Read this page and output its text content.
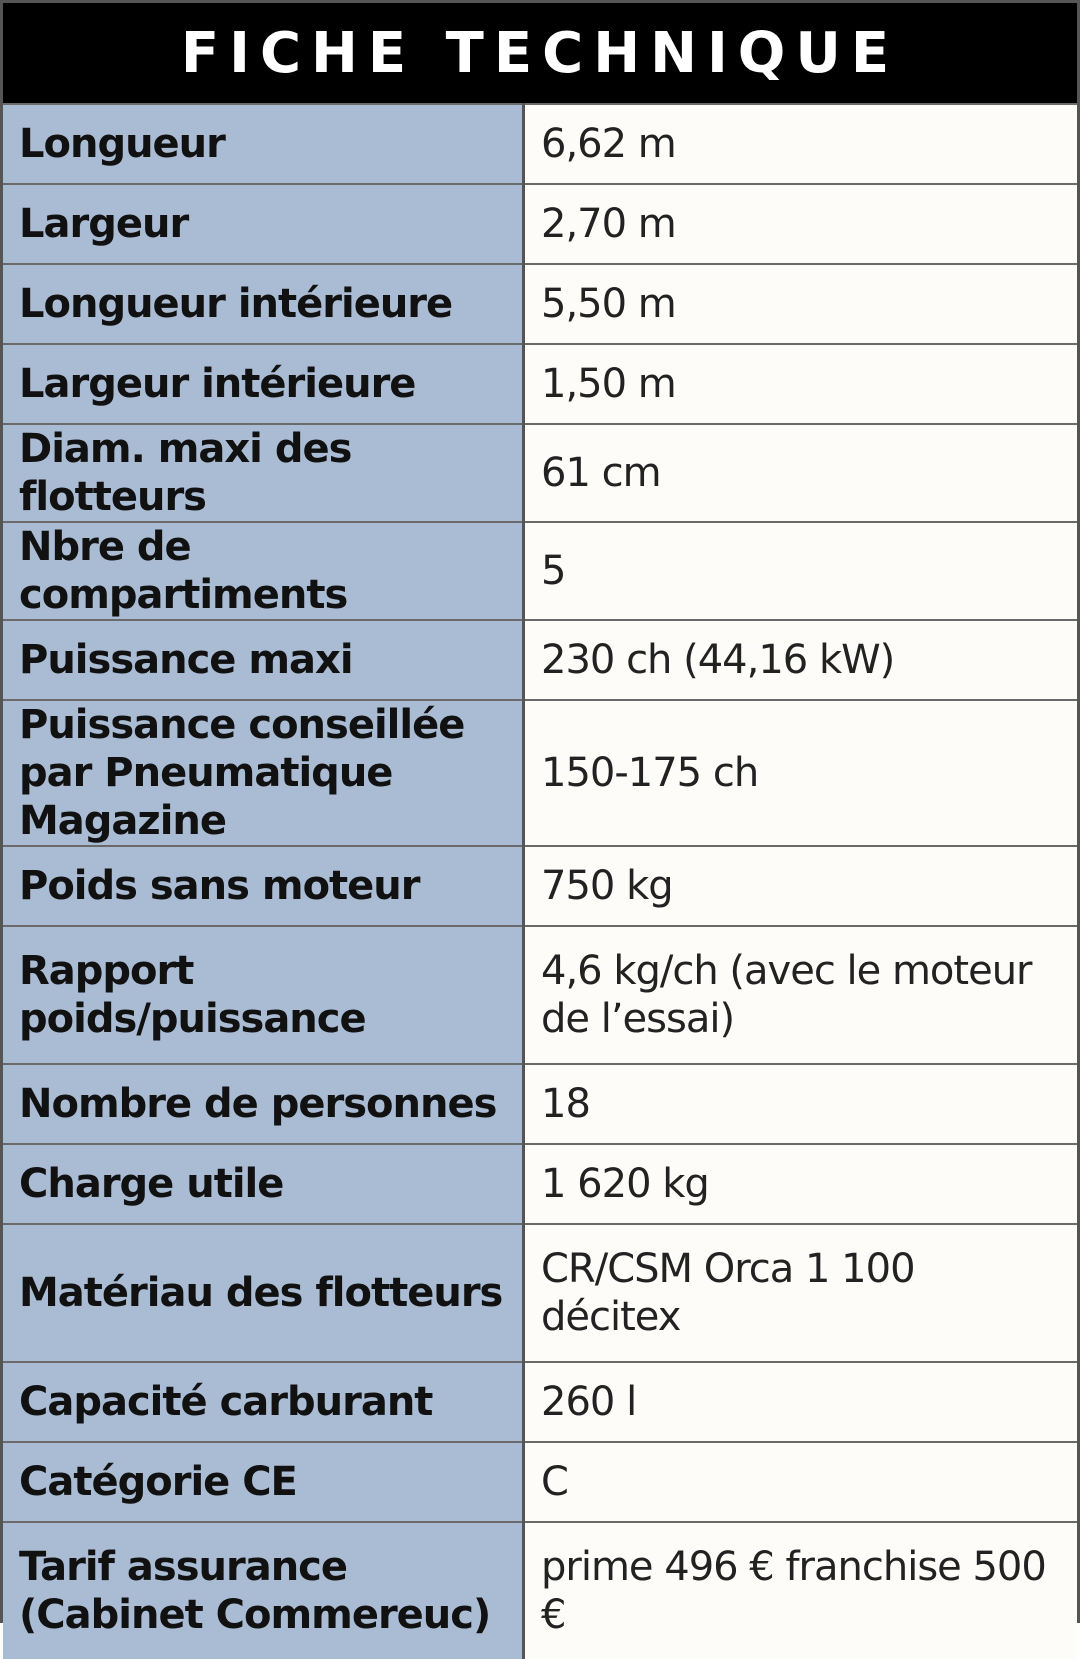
FICHE TECHNIQUE
Longueur	6,62 m
Largeur	2,70 m
Longueur intérieure	5,50 m
Largeur intérieure	1,50 m
Diam. maxi des flotteurs	61 cm
Nbre de compartiments	5
Puissance maxi	230 ch (44,16 kW)
Puissance conseillée par Pneumatique Magazine	150-175 ch
Poids sans moteur	750 kg
Rapport poids/puissance	4,6 kg/ch (avec le moteur de l’essai)
Nombre de personnes	18
Charge utile	1 620 kg
Matériau des flotteurs	CR/CSM Orca 1 100 décitex
Capacité carburant	260 l
Catégorie CE	C
Tarif assurance (Cabinet Commereuc)	prime 496 € franchise 500 €
